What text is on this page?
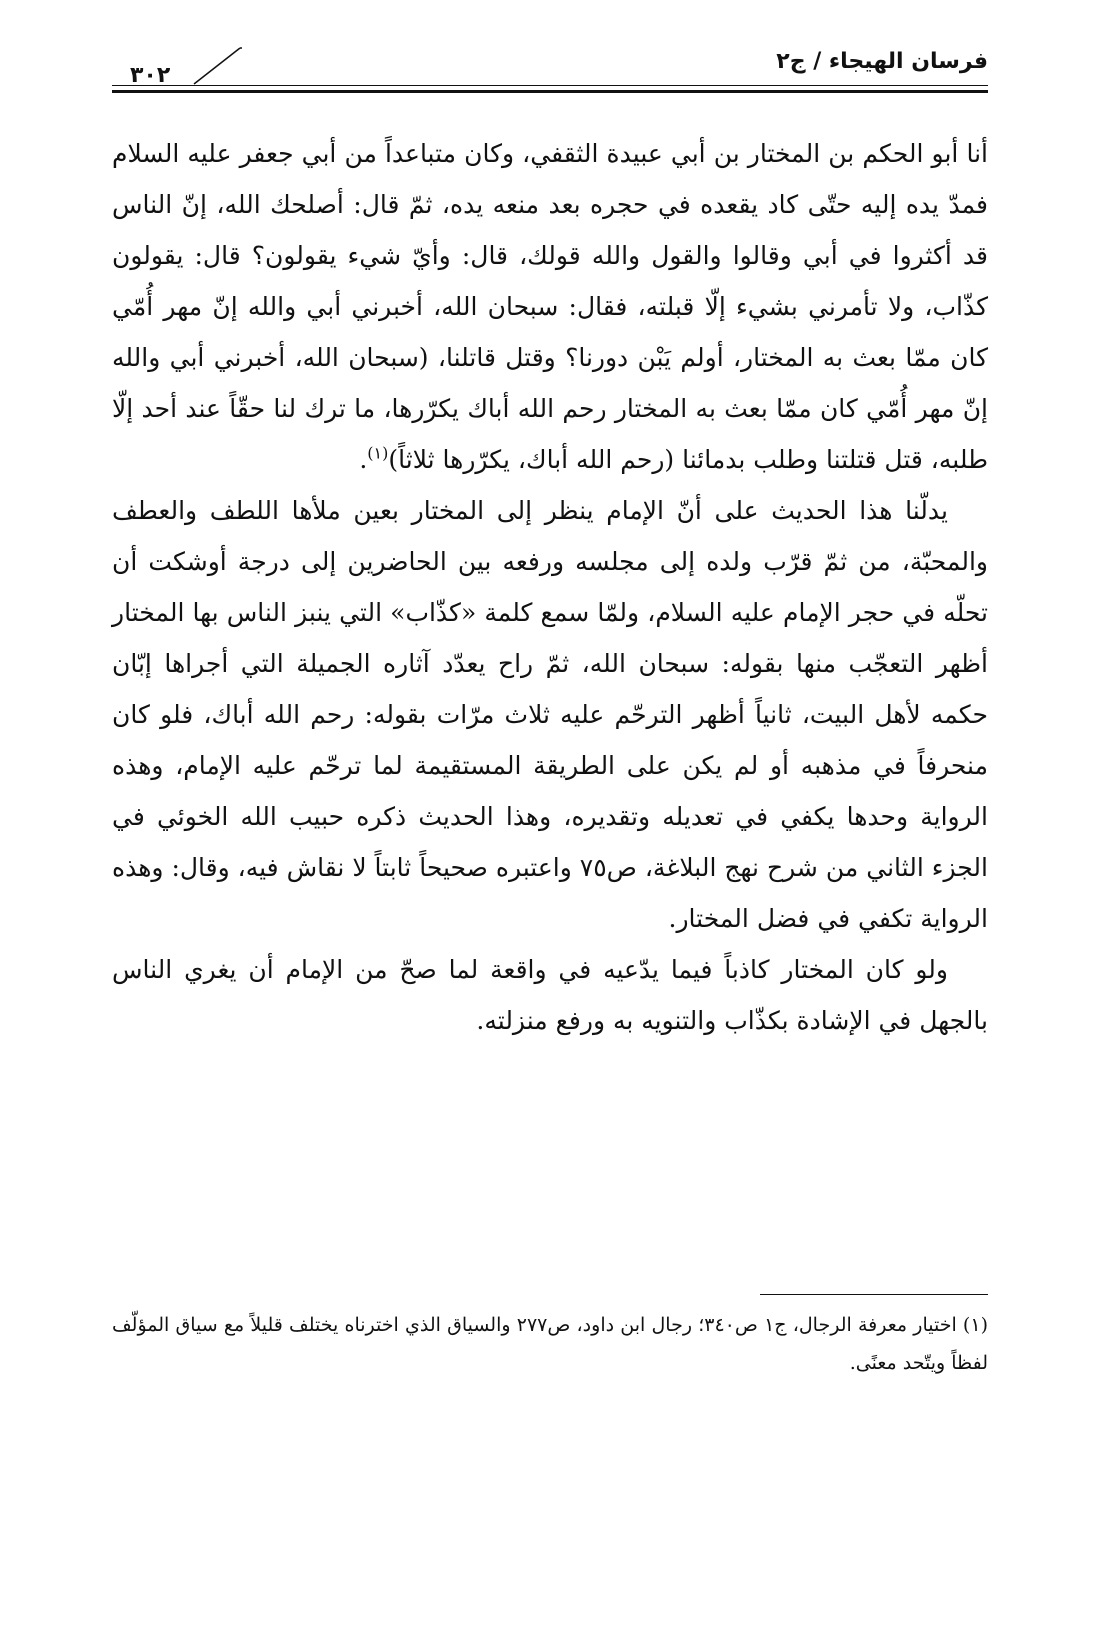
فرسان الهيجاء / ج٢
٣٠٢

أنا أبو الحكم بن المختار بن أبي عبيدة الثقفي، وكان متباعداً من أبي جعفر عليه السلام فمدّ يده إليه حتّى كاد يقعده في حجره بعد منعه يده، ثمّ قال: أصلحك الله، إنّ الناس قد أكثروا في أبي وقالوا والقول والله قولك، قال: وأيّ شيء يقولون؟ قال: يقولون كذّاب، ولا تأمرني بشيء إلّا قبلته، فقال: سبحان الله، أخبرني أبي والله إنّ مهر أُمّي كان ممّا بعث به المختار، أولم يَبْن دورنا؟ وقتل قاتلنا، (سبحان الله، أخبرني أبي والله إنّ مهر أُمّي كان ممّا بعث به المختار رحم الله أباك يكرّرها، ما ترك لنا حقّاً عند أحد إلّا طلبه، قتل قتلتنا وطلب بدمائنا (رحم الله أباك، يكرّرها ثلاثاً)$^{(١)}$.

يدلّنا هذا الحديث على أنّ الإمام ينظر إلى المختار بعين ملأها اللطف والعطف والمحبّة، من ثمّ قرّب ولده إلى مجلسه ورفعه بين الحاضرين إلى درجة أوشكت أن تحلّه في حجر الإمام عليه السلام، ولمّا سمع كلمة «كذّاب» التي ينبز الناس بها المختار أظهر التعجّب منها بقوله: سبحان الله، ثمّ راح يعدّد آثاره الجميلة التي أجراها إبّان حكمه لأهل البيت، ثانياً أظهر الترحّم عليه ثلاث مرّات بقوله: رحم الله أباك، فلو كان منحرفاً في مذهبه أو لم يكن على الطريقة المستقيمة لما ترحّم عليه الإمام، وهذه الرواية وحدها يكفي في تعديله وتقديره، وهذا الحديث ذكره حبيب الله الخوئي في الجزء الثاني من شرح نهج البلاغة، ص٧٥ واعتبره صحيحاً ثابتاً لا نقاش فيه، وقال: وهذه الرواية تكفي في فضل المختار.

ولو كان المختار كاذباً فيما يدّعيه في واقعة لما صحّ من الإمام أن يغري الناس بالجهل في الإشادة بكذّاب والتنويه به ورفع منزلته.

(١) اختيار معرفة الرجال، ج١ ص٣٤٠؛ رجال ابن داود، ص٢٧٧ والسياق الذي اخترناه يختلف قليلاً مع سياق المؤلّف لفظاً ويتّحد معنًى.
